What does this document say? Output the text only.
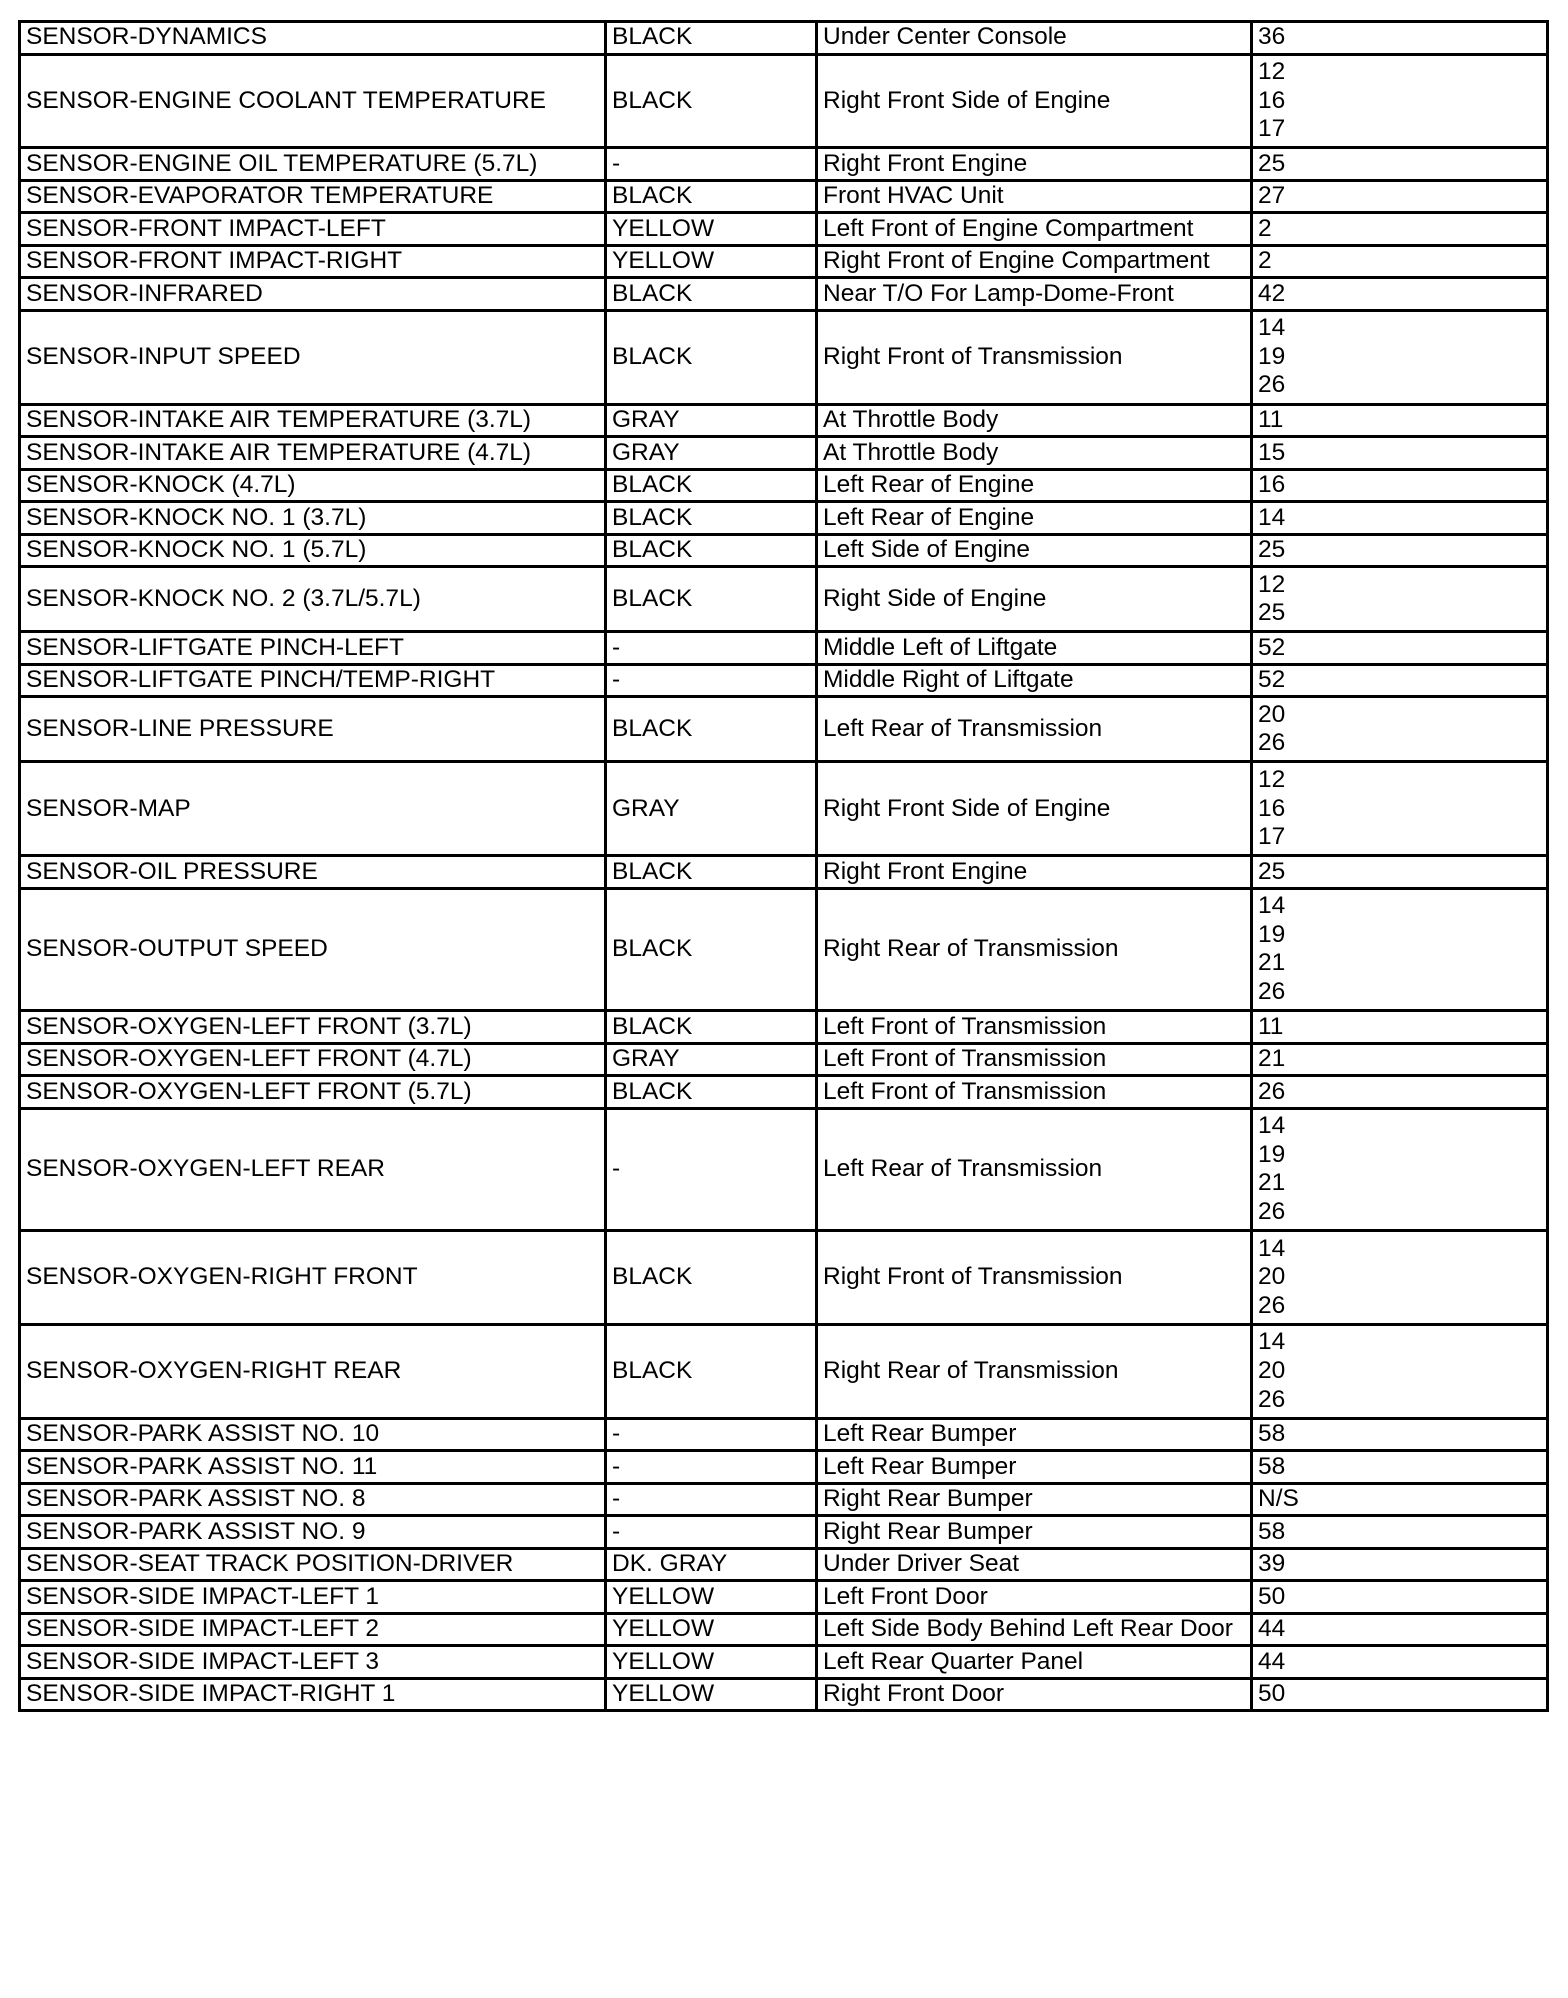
SENSOR-DYNAMICS	BLACK	Under Center Console	36
SENSOR-ENGINE COOLANT TEMPERATURE	BLACK	Right Front Side of Engine	12
16
17
SENSOR-ENGINE OIL TEMPERATURE (5.7L)	-	Right Front Engine	25
SENSOR-EVAPORATOR TEMPERATURE	BLACK	Front HVAC Unit	27
SENSOR-FRONT IMPACT-LEFT	YELLOW	Left Front of Engine Compartment	2
SENSOR-FRONT IMPACT-RIGHT	YELLOW	Right Front of Engine Compartment	2
SENSOR-INFRARED	BLACK	Near T/O For Lamp-Dome-Front	42
SENSOR-INPUT SPEED	BLACK	Right Front of Transmission	14
19
26
SENSOR-INTAKE AIR TEMPERATURE (3.7L)	GRAY	At Throttle Body	11
SENSOR-INTAKE AIR TEMPERATURE (4.7L)	GRAY	At Throttle Body	15
SENSOR-KNOCK (4.7L)	BLACK	Left Rear of Engine	16
SENSOR-KNOCK NO. 1 (3.7L)	BLACK	Left Rear of Engine	14
SENSOR-KNOCK NO. 1 (5.7L)	BLACK	Left Side of Engine	25
SENSOR-KNOCK NO. 2 (3.7L/5.7L)	BLACK	Right Side of Engine	12
25
SENSOR-LIFTGATE PINCH-LEFT	-	Middle Left of Liftgate	52
SENSOR-LIFTGATE PINCH/TEMP-RIGHT	-	Middle Right of Liftgate	52
SENSOR-LINE PRESSURE	BLACK	Left Rear of Transmission	20
26
SENSOR-MAP	GRAY	Right Front Side of Engine	12
16
17
SENSOR-OIL PRESSURE	BLACK	Right Front Engine	25
SENSOR-OUTPUT SPEED	BLACK	Right Rear of Transmission	14
19
21
26
SENSOR-OXYGEN-LEFT FRONT (3.7L)	BLACK	Left Front of Transmission	11
SENSOR-OXYGEN-LEFT FRONT (4.7L)	GRAY	Left Front of Transmission	21
SENSOR-OXYGEN-LEFT FRONT (5.7L)	BLACK	Left Front of Transmission	26
SENSOR-OXYGEN-LEFT REAR	-	Left Rear of Transmission	14
19
21
26
SENSOR-OXYGEN-RIGHT FRONT	BLACK	Right Front of Transmission	14
20
26
SENSOR-OXYGEN-RIGHT REAR	BLACK	Right Rear of Transmission	14
20
26
SENSOR-PARK ASSIST NO. 10	-	Left Rear Bumper	58
SENSOR-PARK ASSIST NO. 11	-	Left Rear Bumper	58
SENSOR-PARK ASSIST NO. 8	-	Right Rear Bumper	N/S
SENSOR-PARK ASSIST NO. 9	-	Right Rear Bumper	58
SENSOR-SEAT TRACK POSITION-DRIVER	DK. GRAY	Under Driver Seat	39
SENSOR-SIDE IMPACT-LEFT 1	YELLOW	Left Front Door	50
SENSOR-SIDE IMPACT-LEFT 2	YELLOW	Left Side Body Behind Left Rear Door	44
SENSOR-SIDE IMPACT-LEFT 3	YELLOW	Left Rear Quarter Panel	44
SENSOR-SIDE IMPACT-RIGHT 1	YELLOW	Right Front Door	50
